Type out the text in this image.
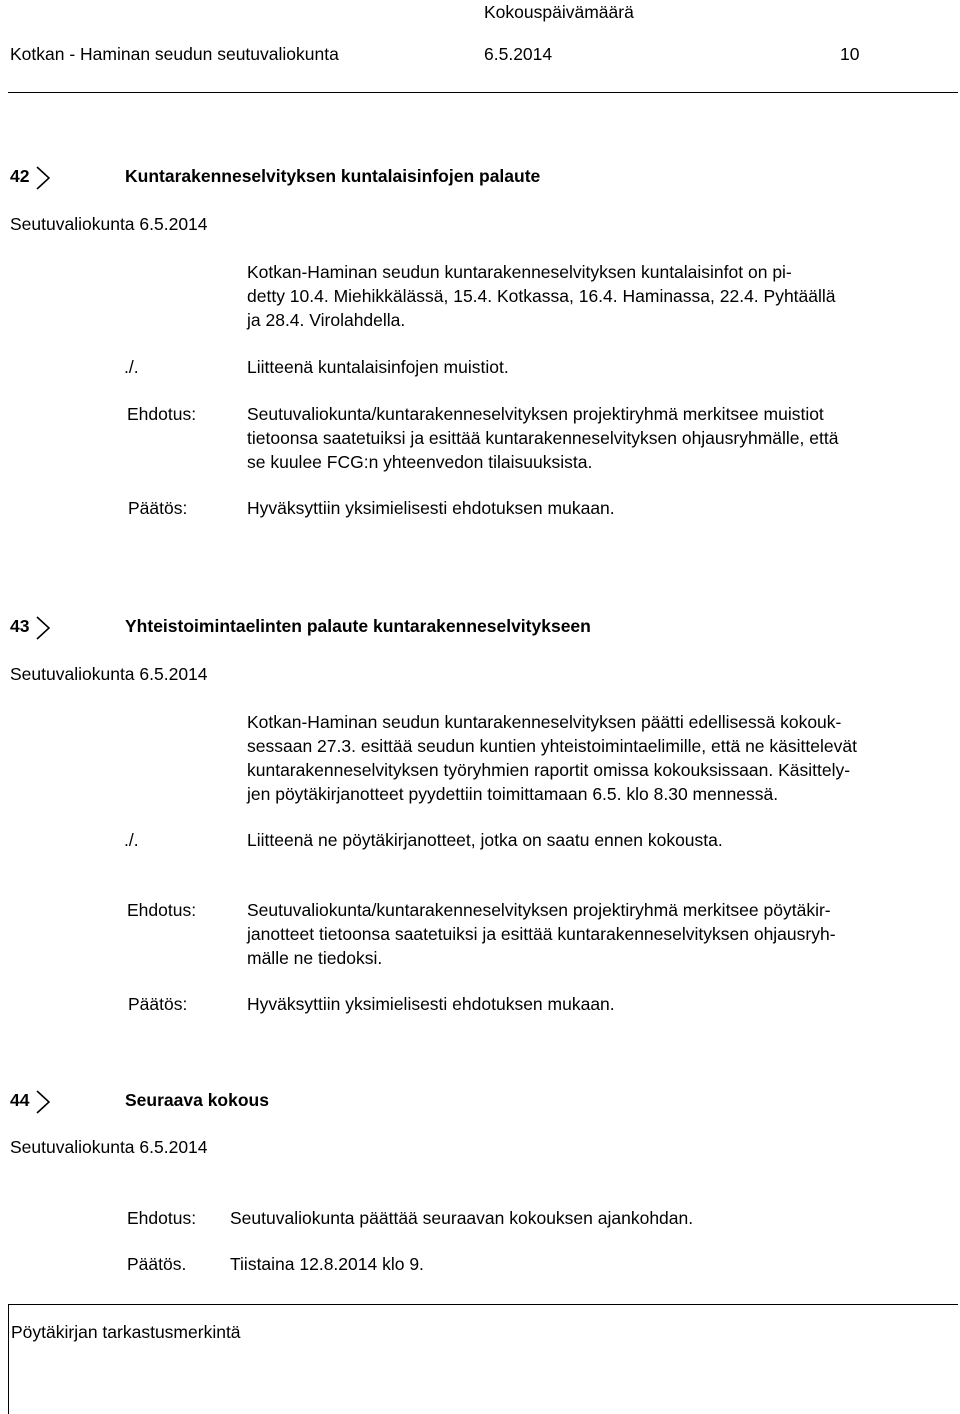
Kokouspäivämäärä
Kotkan - Haminan seudun seutuvaliokunta	6.5.2014	10
42	Kuntarakenneselvityksen kuntalaisinfojen palaute
Seutuvaliokunta 6.5.2014
Kotkan-Haminan seudun kuntarakenneselvityksen kuntalaisinfot on pi-
detty 10.4. Miehikkälässä, 15.4. Kotkassa, 16.4. Haminassa, 22.4. Pyhtäällä
ja 28.4. Virolahdella.
./.	Liitteenä kuntalaisinfojen muistiot.
Ehdotus:	Seutuvaliokunta/kuntarakenneselvityksen projektiryhmä merkitsee muistiot
tietoonsa saatetuiksi ja esittää kuntarakenneselvityksen ohjausryhmälle, että
se kuulee FCG:n yhteenvedon tilaisuuksista.
Päätös:	Hyväksyttiin yksimielisesti ehdotuksen mukaan.
43	Yhteistoimintaelinten palaute kuntarakenneselvitykseen
Seutuvaliokunta 6.5.2014
Kotkan-Haminan seudun kuntarakenneselvityksen päätti edellisessä kokouk-
sessaan 27.3. esittää seudun kuntien yhteistoimintaelimille, että ne käsittelevät
kuntarakenneselvityksen työryhmien raportit omissa kokouksissaan. Käsittely-
jen pöytäkirjanotteet pyydettiin toimittamaan 6.5. klo 8.30 mennessä.
./.	Liitteenä ne pöytäkirjanotteet, jotka on saatu ennen kokousta.
Ehdotus:	Seutuvaliokunta/kuntarakenneselvityksen projektiryhmä merkitsee pöytäkir-
janotteet tietoonsa saatetuiksi ja esittää kuntarakenneselvityksen ohjausryh-
mälle ne tiedoksi.
Päätös:	Hyväksyttiin yksimielisesti ehdotuksen mukaan.
44	Seuraava kokous
Seutuvaliokunta 6.5.2014
Ehdotus: Seutuvaliokunta päättää seuraavan kokouksen ajankohdan.
Päätös. Tiistaina 12.8.2014 klo 9.
Pöytäkirjan tarkastusmerkintä
